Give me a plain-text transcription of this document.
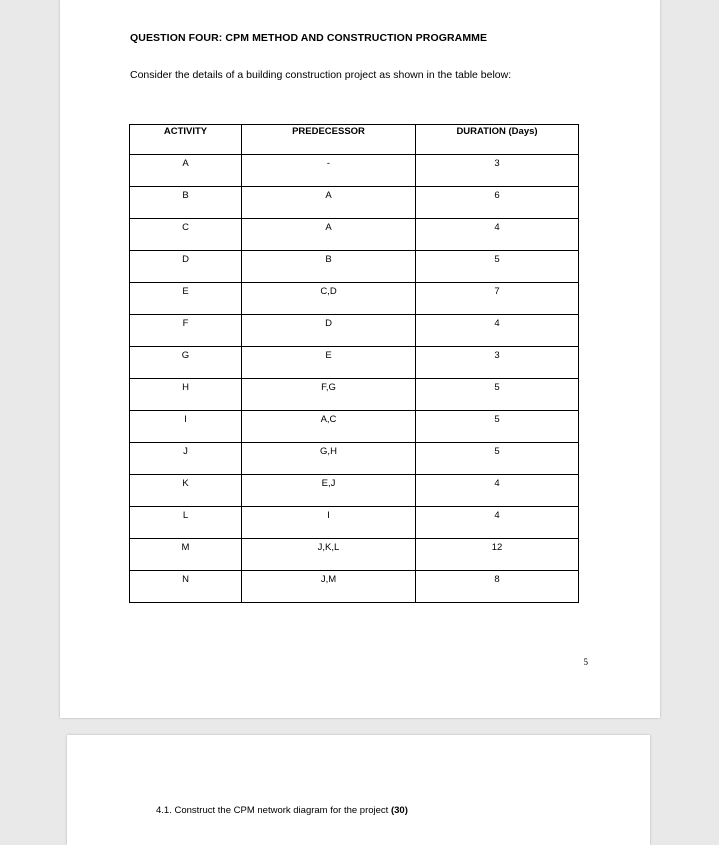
QUESTION FOUR: CPM METHOD AND CONSTRUCTION PROGRAMME
Consider the details of a building construction project as shown in the table below:
ACTIVITY	PREDECESSOR	DURATION (Days)
A	-	3
B	A	6
C	A	4
D	B	5
E	C,D	7
F	D	4
G	E	3
H	F,G	5
I	A,C	5
J	G,H	5
K	E,J	4
L	I	4
M	J,K,L	12
N	J,M	8
5
4.1. Construct the CPM network diagram for the project (30)
